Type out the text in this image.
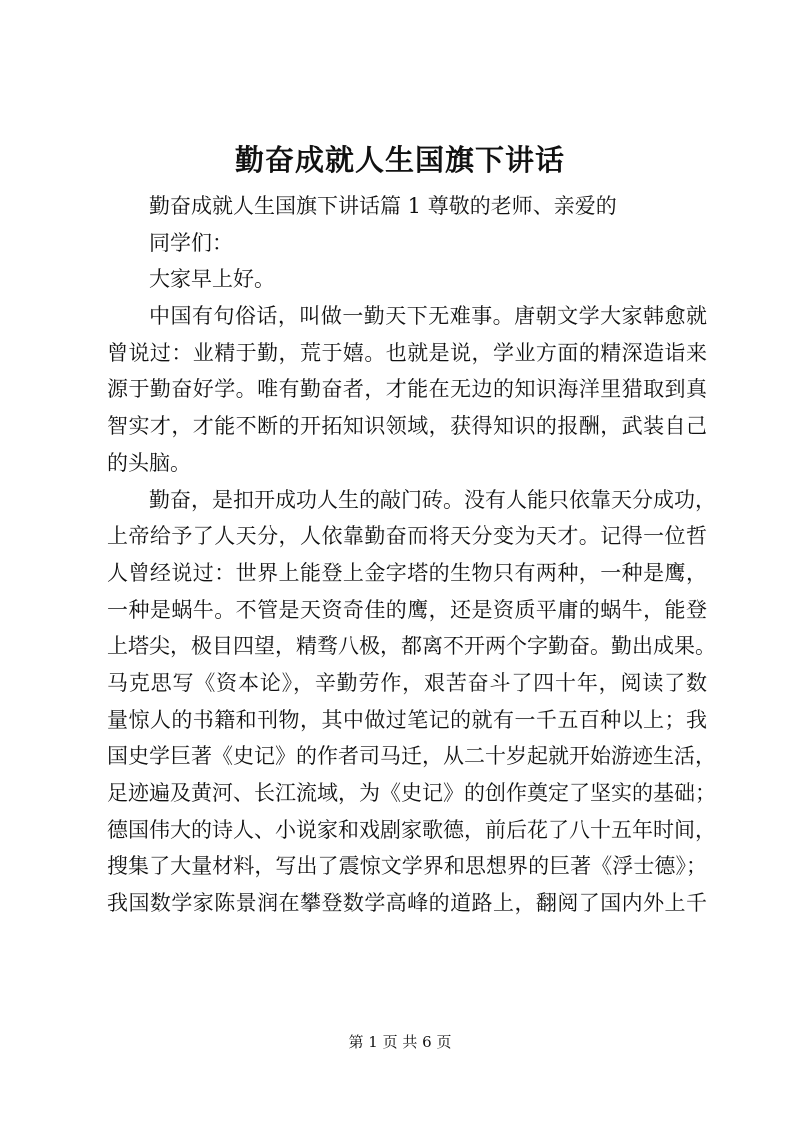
勤奋成就人生国旗下讲话
勤奋成就人生国旗下讲话篇 1 尊敬的老师、亲爱的
同学们：
大家早上好。
中国有句俗话，叫做一勤天下无难事。唐朝文学大家韩愈就
曾说过：业精于勤，荒于嬉。也就是说，学业方面的精深造诣来
源于勤奋好学。唯有勤奋者，才能在无边的知识海洋里猎取到真
智实才，才能不断的开拓知识领域，获得知识的报酬，武装自己
的头脑。
勤奋，是扣开成功人生的敲门砖。没有人能只依靠天分成功，
上帝给予了人天分，人依靠勤奋而将天分变为天才。记得一位哲
人曾经说过：世界上能登上金字塔的生物只有两种，一种是鹰，
一种是蜗牛。不管是天资奇佳的鹰，还是资质平庸的蜗牛，能登
上塔尖，极目四望，精骛八极，都离不开两个字勤奋。勤出成果。
马克思写《资本论》，辛勤劳作，艰苦奋斗了四十年，阅读了数
量惊人的书籍和刊物，其中做过笔记的就有一千五百种以上；我
国史学巨著《史记》的作者司马迁，从二十岁起就开始游迹生活，
足迹遍及黄河、长江流域，为《史记》的创作奠定了坚实的基础；
德国伟大的诗人、小说家和戏剧家歌德，前后花了八十五年时间，
搜集了大量材料，写出了震惊文学界和思想界的巨著《浮士德》；
我国数学家陈景润在攀登数学高峰的道路上，翻阅了国内外上千
第 1 页 共 6 页
